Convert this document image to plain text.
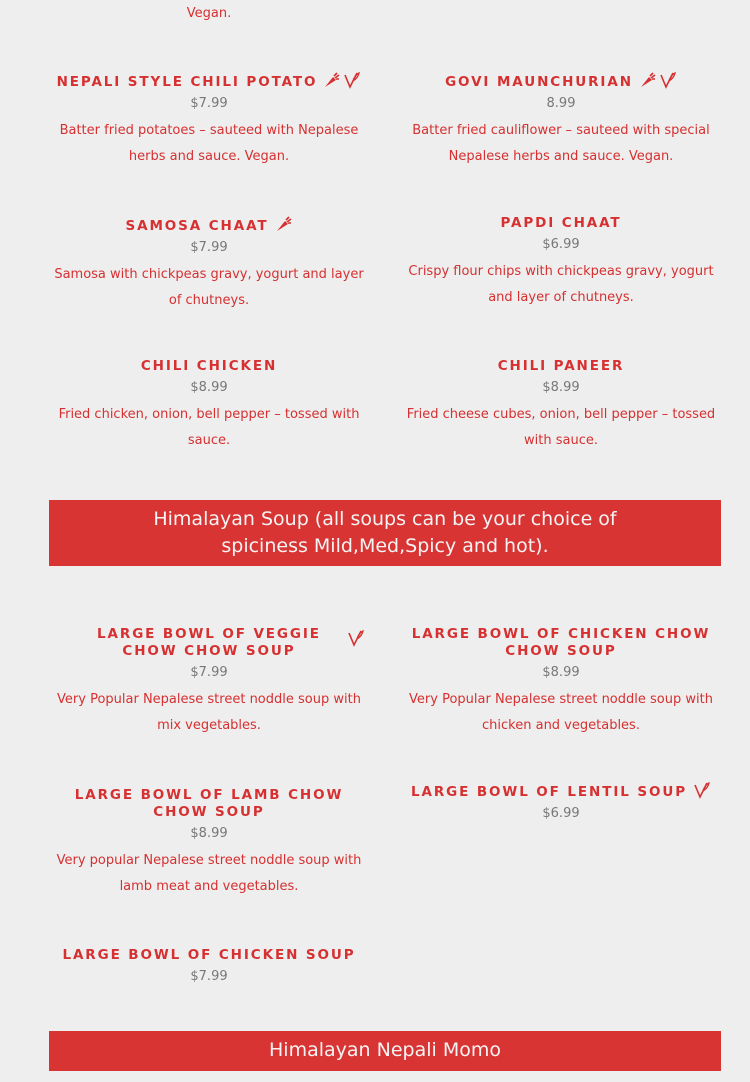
Vegan.
NEPALI STYLE CHILI POTATO
$7.99
Batter fried potatoes – sauteed with Nepalese herbs and sauce. Vegan.
GOVI MAUNCHURIAN
8.99
Batter fried cauliflower – sauteed with special Nepalese herbs and sauce. Vegan.
SAMOSA CHAAT
$7.99
Samosa with chickpeas gravy, yogurt and layer of chutneys.
PAPDI CHAAT
$6.99
Crispy flour chips with chickpeas gravy, yogurt and layer of chutneys.
CHILI CHICKEN
$8.99
Fried chicken, onion, bell pepper – tossed with sauce.
CHILI PANEER
$8.99
Fried cheese cubes, onion, bell pepper – tossed with sauce.
Himalayan Soup (all soups can be your choice of spiciness Mild,Med,Spicy and hot).
LARGE BOWL OF VEGGIE CHOW CHOW SOUP
$7.99
Very Popular Nepalese street noddle soup with mix vegetables.
LARGE BOWL OF CHICKEN CHOW CHOW SOUP
$8.99
Very Popular Nepalese street noddle soup with chicken and vegetables.
LARGE BOWL OF LAMB CHOW CHOW SOUP
$8.99
Very popular Nepalese street noddle soup with lamb meat and vegetables.
LARGE BOWL OF LENTIL SOUP
$6.99
LARGE BOWL OF CHICKEN SOUP
$7.99
Himalayan Nepali Momo
